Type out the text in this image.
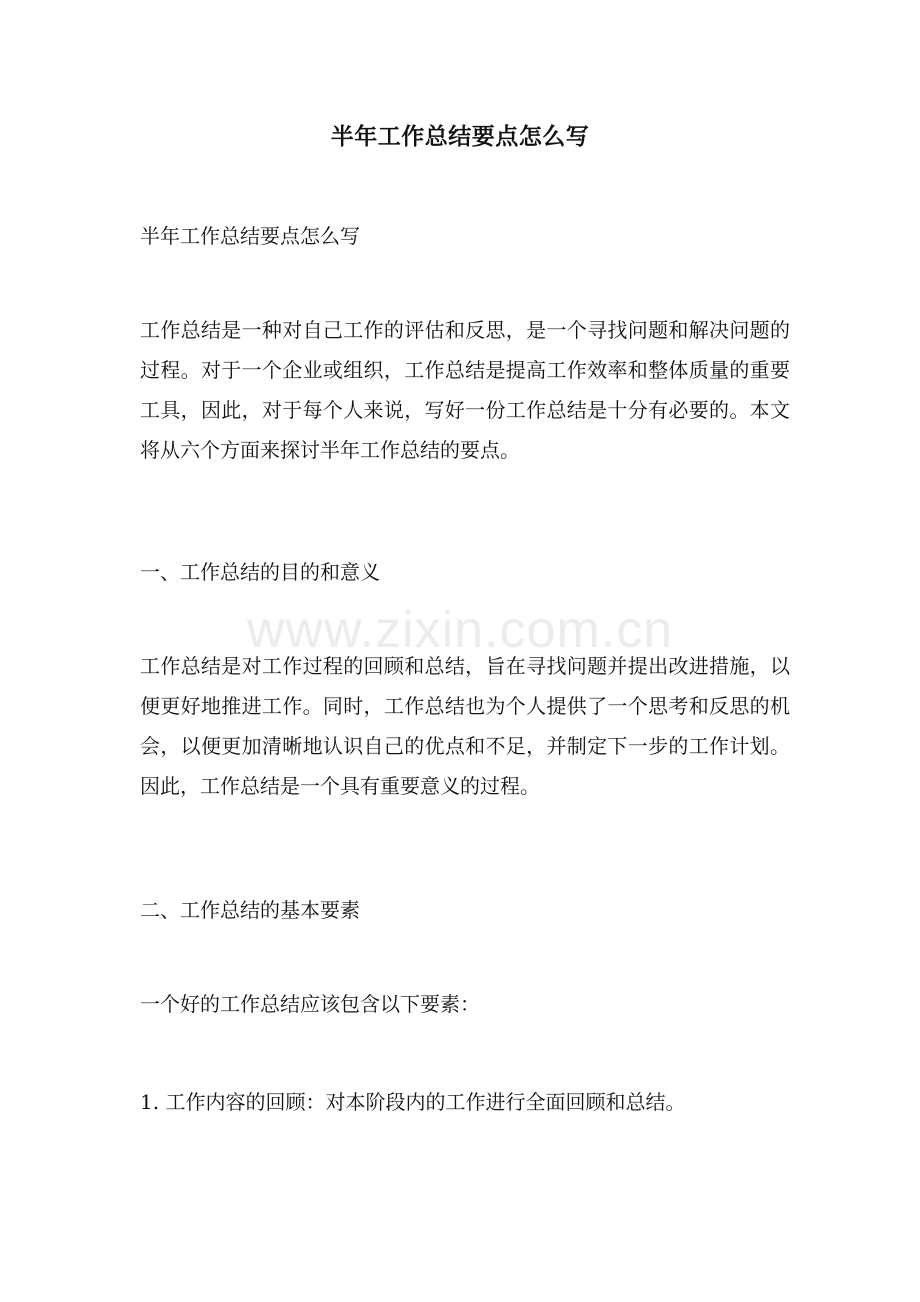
www.zixin.com.cn
半年工作总结要点怎么写
半年工作总结要点怎么写
工作总结是一种对自己工作的评估和反思，是一个寻找问题和解决问题的过程。对于一个企业或组织，工作总结是提高工作效率和整体质量的重要工具，因此，对于每个人来说，写好一份工作总结是十分有必要的。本文将从六个方面来探讨半年工作总结的要点。
一、工作总结的目的和意义
工作总结是对工作过程的回顾和总结，旨在寻找问题并提出改进措施，以便更好地推进工作。同时，工作总结也为个人提供了一个思考和反思的机会，以便更加清晰地认识自己的优点和不足，并制定下一步的工作计划。因此，工作总结是一个具有重要意义的过程。
二、工作总结的基本要素
一个好的工作总结应该包含以下要素：
1. 工作内容的回顾：对本阶段内的工作进行全面回顾和总结。
